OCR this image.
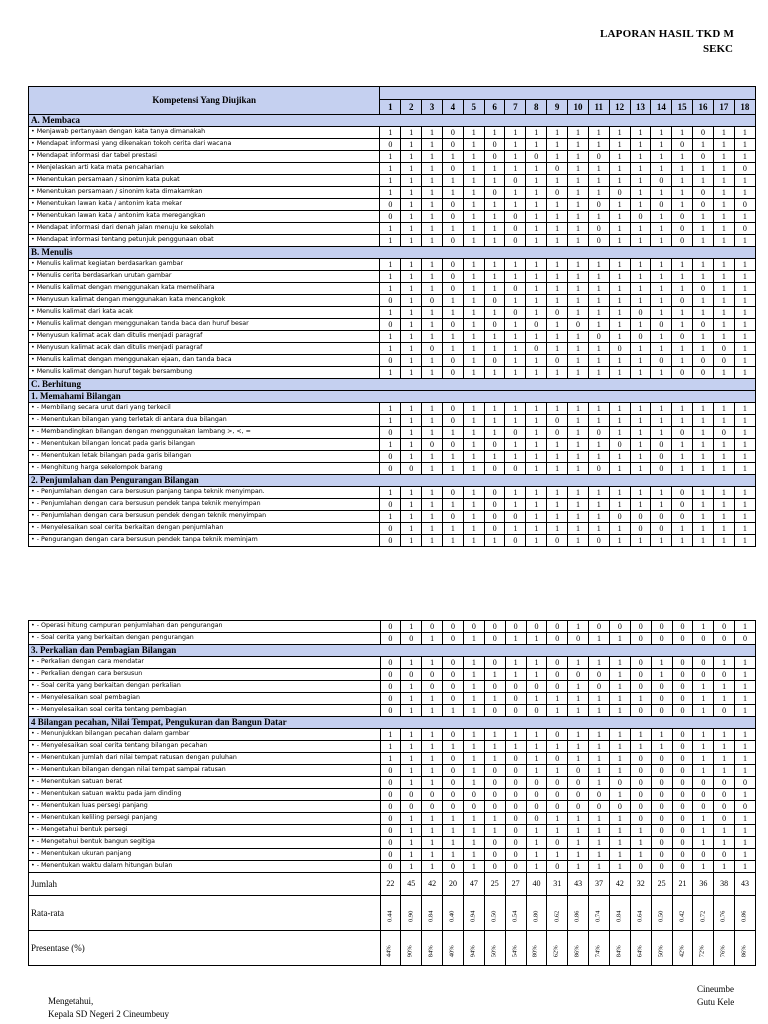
LAPORAN HASIL TKD M
SEKC
Kompetensi Yang Diujikan																		
	1	2	3	4	5	6	7	8	9	10	11	12	13	14	15	16	17	18
A. Membaca																		
• Menjawab pertanyaan dengan kata tanya dimanakah	1	1	1	0	1	1	1	1	1	1	1	1	1	1	1	0	1	1
• Mendapat informasi yang dikenakan tokoh cerita dari wacana	0	1	1	0	1	0	1	1	1	1	1	1	1	1	0	1	1	1
• Mendapat informasi dar tabel prestasi	1	1	1	1	1	0	1	0	1	1	0	1	1	1	1	0	1	1
• Menjelaskan arti kata mata pencaharian	1	1	1	0	1	1	1	1	0	1	1	1	1	1	1	1	1	0
• Menentukan persamaan / sinonim kata pukat	1	1	1	1	1	1	0	1	1	1	1	1	1	0	1	1	1	1
• Menentukan persamaan / sinonim kata dimakamkan	1	1	1	1	1	0	1	1	0	1	1	0	1	1	1	0	1	1
• Menentukan lawan kata / antonim kata mekar	0	1	1	0	1	1	1	1	1	1	0	1	1	0	1	0	1	0
• Menentukan lawan kata / antonim kata meregangkan	0	1	1	0	1	1	0	1	1	1	1	1	0	1	0	1	1	1
• Mendapat informasi dari denah jalan menuju ke sekolah	1	1	1	1	1	1	0	1	1	1	0	1	1	1	0	1	1	0
• Mendapat informasi tentang petunjuk penggunaan obat	1	1	1	0	1	1	0	1	1	1	0	1	1	1	0	1	1	1
B. Menulis																		
• Menulis kalimat kegiatan berdasarkan gambar	1	1	1	0	1	1	1	1	1	1	1	1	1	1	1	1	1	1
• Menulis cerita berdasarkan urutan gambar	1	1	1	0	1	1	1	1	1	1	1	1	1	1	1	1	1	1
• Menulis kalimat dengan menggunakan kata memelihara	1	1	1	0	1	1	0	1	1	1	1	1	1	1	1	0	1	1
• Menyusun kalimat dengan menggunakan kata mencangkok	0	1	0	1	1	0	1	1	1	1	1	1	1	1	0	1	1	1
• Menulis kalimat dari kata acak	1	1	1	1	1	1	0	1	0	1	1	1	0	1	1	1	1	1
• Menulis kalimat dengan menggunakan tanda baca dan huruf besar	0	1	1	0	1	0	1	0	1	0	1	1	1	0	1	0	1	1
• Menyusun kalimat acak dan ditulis menjadi paragraf	1	1	1	1	1	1	1	1	1	1	0	1	0	1	0	1	1	1
• Menyusun kalimat acak dan ditulis menjadi paragraf	1	1	0	1	1	1	1	0	1	1	1	0	1	1	1	1	0	1
• Menulis kalimat dengan menggunakan ejaan, dan tanda baca	0	1	1	0	1	0	1	1	0	1	1	1	1	0	1	0	0	1
• Menulis kalimat dengan huruf tegak bersambung	1	1	1	0	1	1	1	1	1	1	1	1	1	1	0	0	1	1
C. Berhitung																		
1. Memahami Bilangan																		
• - Membilang secara urut dari yang terkecil	1	1	1	0	1	1	1	1	1	1	1	1	1	1	1	1	1	1
• - Menentukan bilangan yang terletak di antara dua bilangan	1	1	1	0	1	1	1	1	0	1	1	1	1	1	1	1	1	1
• - Membandingkan bilangan dengan menggunakan lambang >, <, =	0	1	1	1	1	1	0	1	0	1	0	1	1	1	0	1	0	1
• - Menentukan bilangan loncat pada garis bilangan	1	1	0	0	1	0	1	1	1	1	1	0	1	0	1	1	1	1
• - Menentukan letak bilangan pada garis bilangan	0	1	1	1	1	1	1	1	1	1	1	1	1	0	1	1	1	1
• - Menghitung harga sekelompok barang	0	0	1	1	1	0	0	1	1	1	0	1	1	0	1	1	1	1
2. Penjumlahan dan Pengurangan Bilangan																		
• - Penjumlahan dengan cara bersusun panjang tanpa teknik menyimpan.	1	1	1	0	1	0	1	1	1	1	1	1	1	1	0	1	1	1
• - Penjumlahan dengan cara bersusun pendek tanpa teknik menyimpan	0	1	1	1	1	0	1	1	1	1	1	1	1	1	0	1	1	1
• - Penjumlahan dengan cara bersusun pendek dengan teknik menyimpan	1	1	1	0	1	0	0	1	1	1	1	0	0	0	0	1	1	1
• - Menyelesaikan soal cerita berkaitan dengan penjumlahan	0	1	1	1	1	0	1	1	1	1	1	1	0	0	1	1	1	1
• - Pengurangan dengan cara bersusun pendek tanpa teknik meminjam	0	1	1	1	1	1	0	1	0	1	0	1	1	1	1	1	1	1
• - Operasi hitung campuran penjumlahan dan pengurangan	0	1	0	0	0	0	0	0	0	1	0	0	0	0	0	1	0	1
• - Soal cerita yang berkaitan dengan pengurangan	0	0	1	0	1	0	1	1	0	0	1	1	0	0	0	0	0	0
3. Perkalian dan Pembagian Bilangan																		
• - Perkalian dengan cara mendatar	0	1	1	0	1	0	1	1	0	1	1	1	0	1	0	0	1	1
• - Perkalian dengan cara bersusun	0	0	0	0	1	1	1	1	0	0	0	1	0	1	0	0	0	1
• - Soal cerita yang berkaitan dengan perkalian	0	1	0	0	1	0	0	0	0	1	0	1	0	0	0	1	1	1
• - Menyelesaikan soal pembagian	0	1	1	0	1	1	0	1	1	1	1	1	1	0	0	1	1	1
• - Menyelesaikan soal cerita tentang pembagian	0	1	1	1	1	0	0	0	1	1	1	1	0	0	0	1	0	1
4 Bilangan pecahan, Nilai Tempat, Pengukuran dan Bangun Datar																		
• - Menunjukkan bilangan pecahan dalam gambar	1	1	1	0	1	1	1	1	0	1	1	1	1	1	0	1	1	1
• - Menyelesaikan soal cerita tentang bilangan pecahan	1	1	1	1	1	1	1	1	1	1	1	1	1	1	0	1	1	1
• - Menentukan jumlah dari nilai tempat ratusan dengan puluhan	1	1	1	0	1	1	0	1	0	1	1	1	0	0	0	1	1	1
• - Menentukan bilangan dengan nilai tempat sampai ratusan	0	1	1	0	1	0	0	1	1	0	1	1	0	0	0	1	1	1
• - Menentukan satuan berat	0	1	1	0	1	0	0	0	0	0	1	0	0	0	0	0	0	0
• - Menentukan satuan waktu pada jam dinding	0	0	0	0	0	0	0	0	0	0	0	1	0	0	0	0	0	1
• - Menentukan luas persegi panjang	0	0	0	0	0	0	0	0	0	0	0	0	0	0	0	0	0	0
• - Menentukan keliling persegi panjang	0	1	1	1	1	1	0	0	1	1	1	1	0	0	0	1	0	1
• - Mengetahui bentuk persegi	0	1	1	1	1	1	0	1	1	1	1	1	1	0	0	1	1	1
• - Mengetahui bentuk bangun segitiga	0	1	1	1	1	0	0	1	0	1	1	1	1	0	0	1	1	1
• - Menentukan ukuran panjang	0	1	1	1	1	0	0	1	1	1	1	1	1	0	0	0	0	1
• - Menentukan waktu dalam hitungan bulan	0	1	1	0	1	0	0	1	0	1	1	1	0	0	0	1	1	1
Jumlah	22	45	42	20	47	25	27	40	31	43	37	42	32	25	21	36	38	43
Rata-rata	0.44	0.90	0.84	0.40	0.94	0.50	0.54	0.80	0.62	0.86	0.74	0.84	0.64	0.50	0.42	0.72	0.76	0.86
Presentase (%)	44%	90%	84%	40%	94%	50%	54%	80%	62%	86%	74%	84%	64%	50%	42%	72%	76%	86%
Mengetahui,
Kepala SD Negeri 2 Cineumbeuy
Cineumbe
Gutu Kele
